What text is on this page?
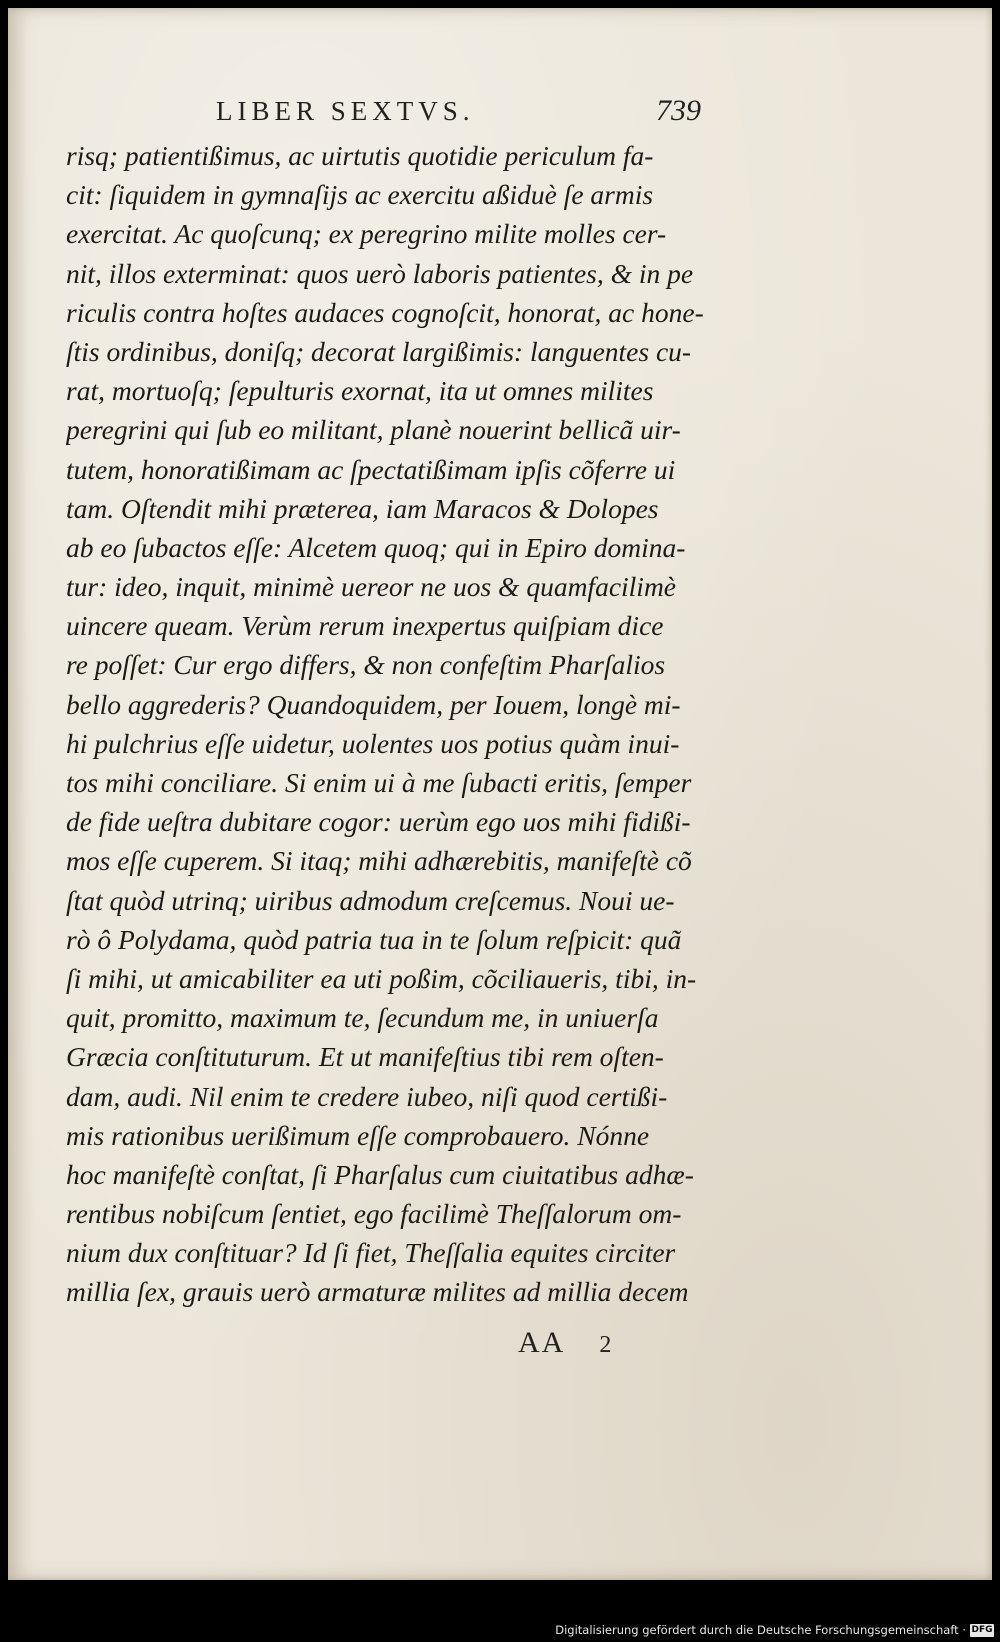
LIBER SEXTVS.	739
risq; patientißimus, ac uirtutis quotidie periculum fa-
cit: ſiquidem in gymnaſijs ac exercitu aßiduè ſe armis
exercitat. Ac quoſcunq; ex peregrino milite molles cer-
nit, illos exterminat: quos uerò laboris patientes, & in pe
riculis contra hoſtes audaces cognoſcit, honorat, ac hone-
ſtis ordinibus, doniſq; decorat largißimis: languentes cu-
rat, mortuoſq; ſepulturis exornat, ita ut omnes milites
peregrini qui ſub eo militant, planè nouerint bellicã uir-
tutem, honoratißimam ac ſpectatißimam ipſis cõferre ui
tam. Oſtendit mihi præterea, iam Maracos & Dolopes
ab eo ſubactos eſſe: Alcetem quoq; qui in Epiro domina-
tur: ideo, inquit, minimè uereor ne uos & quamfacilimè
uincere queam. Verùm rerum inexpertus quiſpiam dice
re poſſet: Cur ergo differs, & non confeſtim Pharſalios
bello aggrederis? Quandoquidem, per Iouem, longè mi-
hi pulchrius eſſe uidetur, uolentes uos potius quàm inui-
tos mihi conciliare. Si enim ui à me ſubacti eritis, ſemper
de fide ueſtra dubitare cogor: uerùm ego uos mihi fidißi-
mos eſſe cuperem. Si itaq; mihi adhærebitis, manifeſtè cõ
ſtat quòd utrinq; uiribus admodum creſcemus. Noui ue-
rò ô Polydama, quòd patria tua in te ſolum reſpicit: quã
ſi mihi, ut amicabiliter ea uti poßim, cõciliaueris, tibi, in-
quit, promitto, maximum te, ſecundum me, in uniuerſa
Græcia conſtituturum. Et ut manifeſtius tibi rem oſten-
dam, audi. Nil enim te credere iubeo, niſi quod certißi-
mis rationibus uerißimum eſſe comprobauero. Nónne
hoc manifeſtè conſtat, ſi Pharſalus cum ciuitatibus adhæ-
rentibus nobiſcum ſentiet, ego facilimè Theſſalorum om-
nium dux conſtituar? Id ſi fiet, Theſſalia equites circiter
millia ſex, grauis uerò armaturæ milites ad millia decem
AA 2
Digitalisierung gefördert durch die Deutsche Forschungsgemeinschaft · DFG
